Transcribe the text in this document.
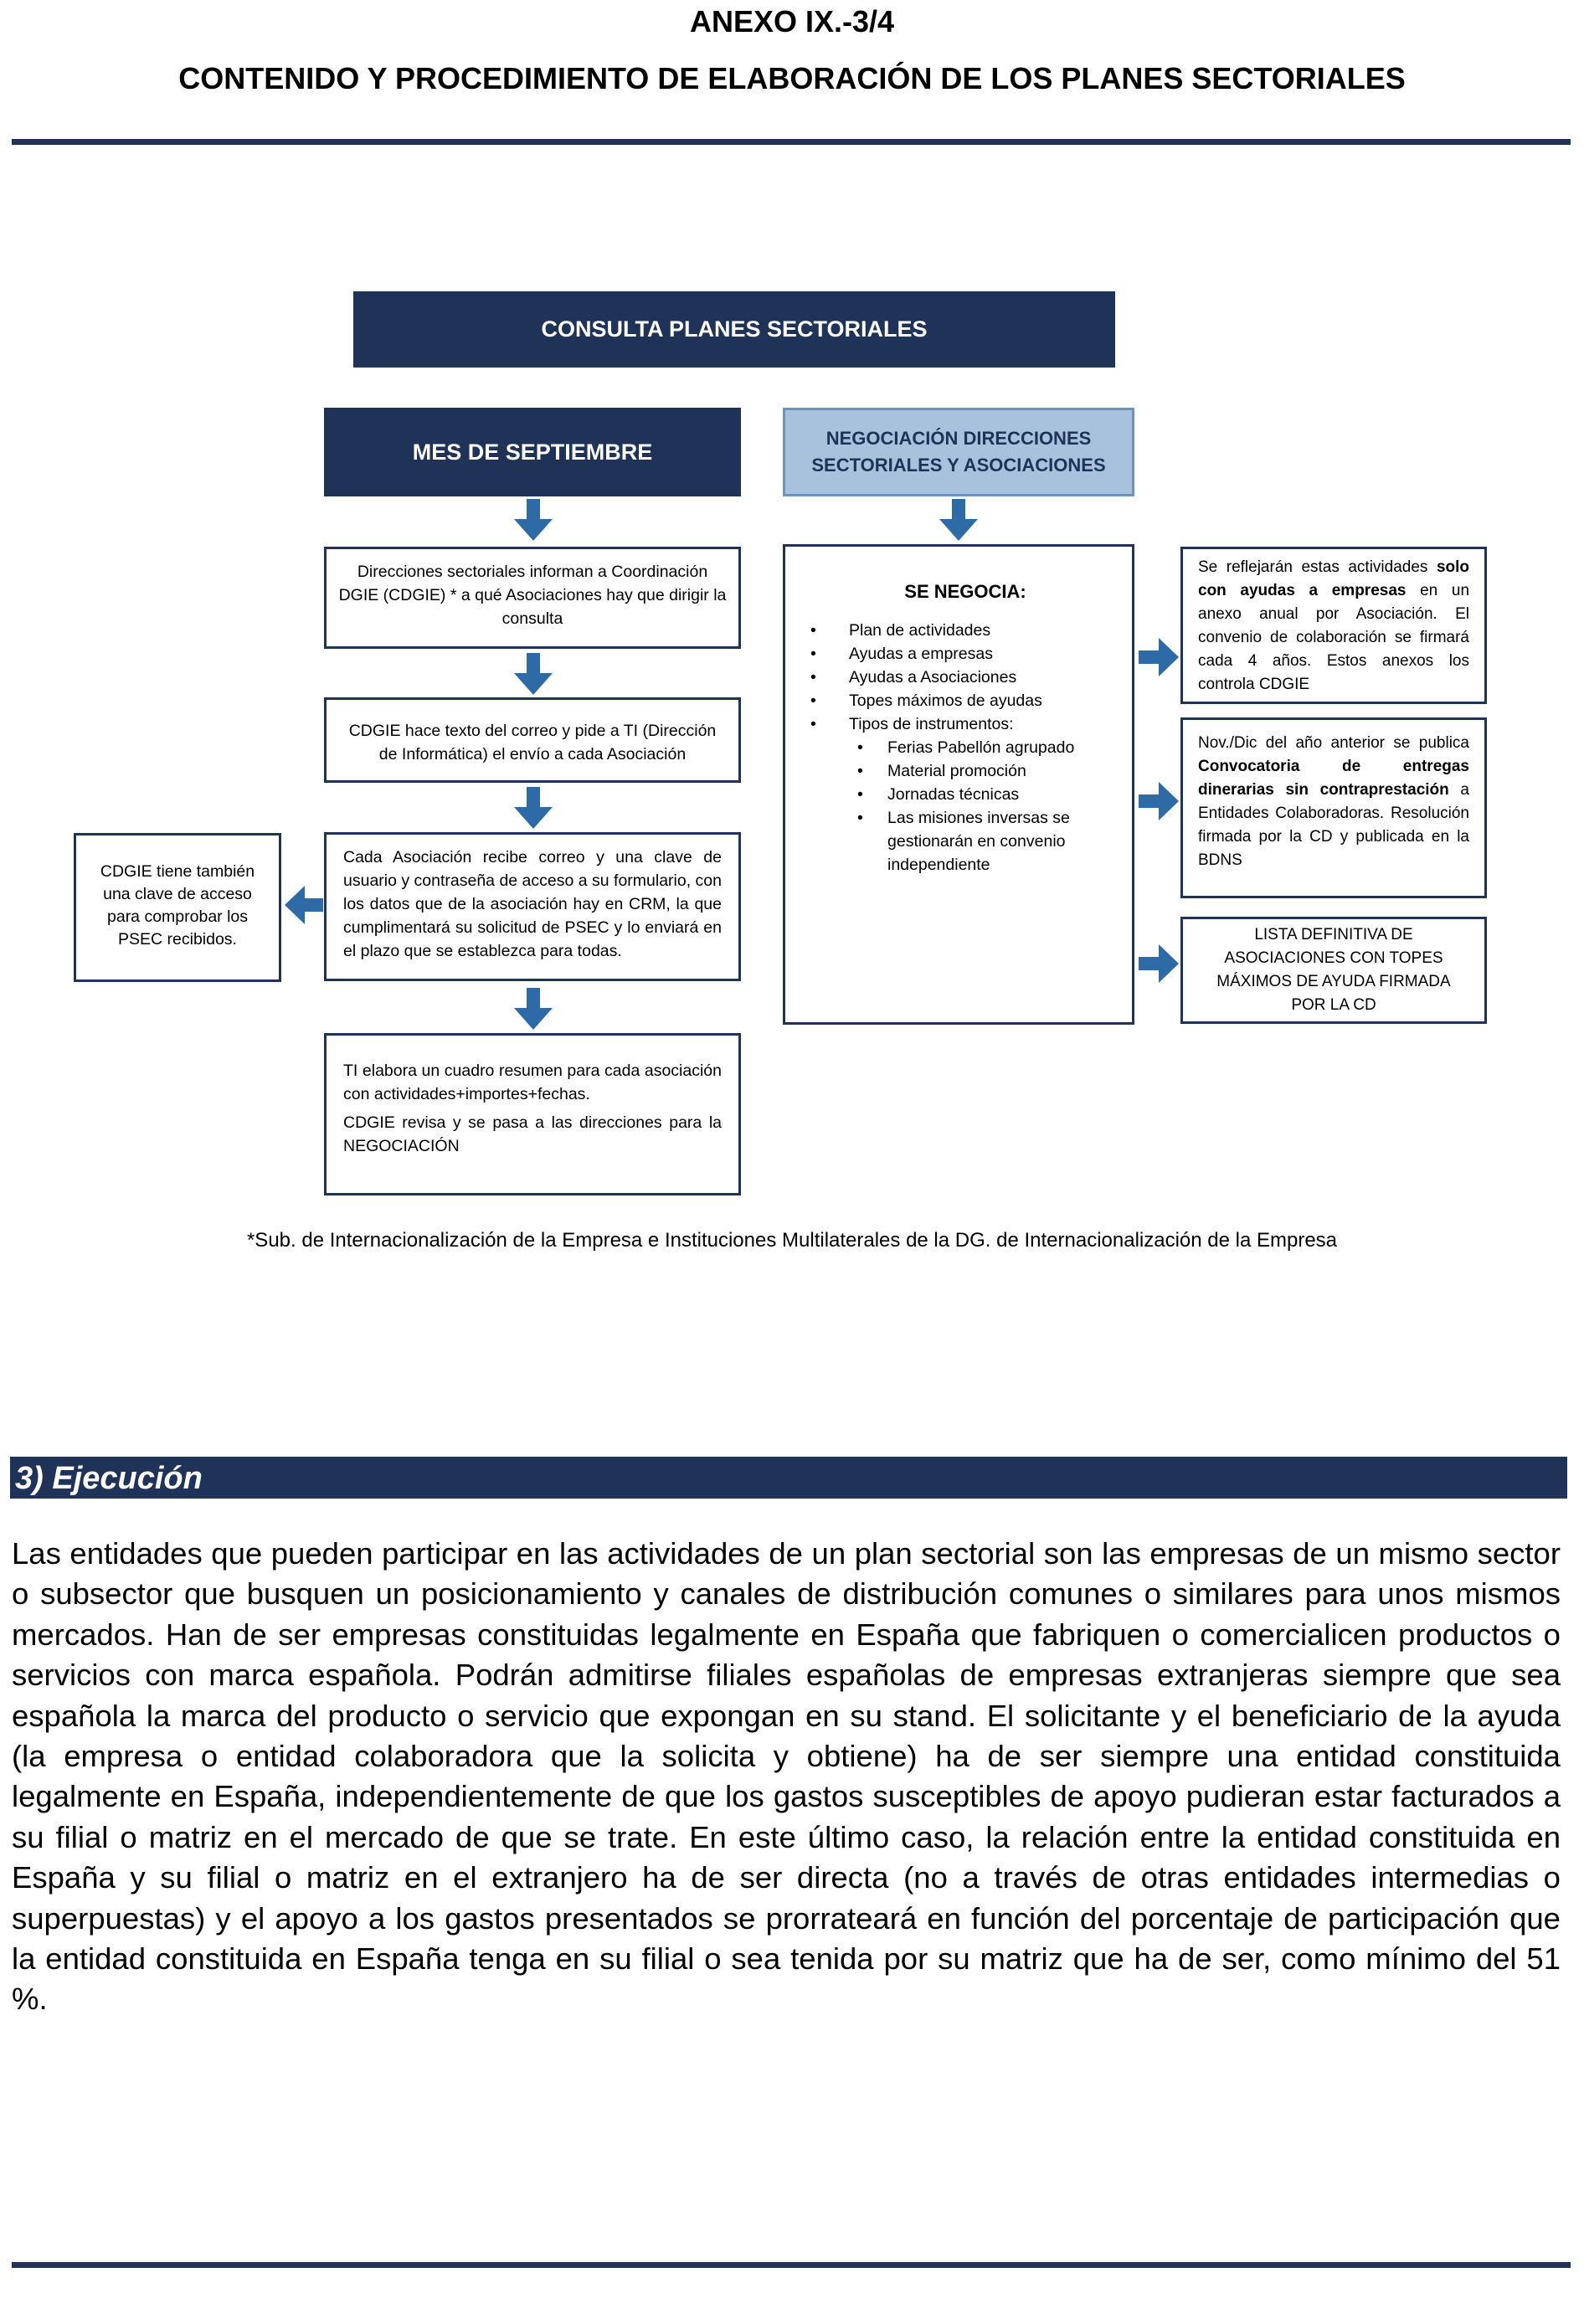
ANEXO IX.-3/4
CONTENIDO Y PROCEDIMIENTO DE ELABORACIÓN DE LOS PLANES SECTORIALES
CONSULTA PLANES SECTORIALES
MES DE SEPTIEMBRE
NEGOCIACIÓN DIRECCIONES SECTORIALES Y ASOCIACIONES
Direcciones sectoriales informan a Coordinación DGIE (CDGIE) * a qué Asociaciones hay que dirigir la consulta
CDGIE hace texto del correo y pide a TI (Dirección de Informática) el envío a cada Asociación
Cada Asociación recibe correo y una clave de usuario y contraseña de acceso a su formulario, con los datos que de la asociación hay en CRM, la que cumplimentará su solicitud de PSEC y lo enviará en el plazo que se establezca para todas.
TI elabora un cuadro resumen para cada asociación con actividades+importes+fechas.
CDGIE revisa y se pasa a las direcciones para la NEGOCIACIÓN
CDGIE tiene también una clave de acceso para comprobar los PSEC recibidos.
SE NEGOCIA:
• Plan de actividades
• Ayudas a empresas
• Ayudas a Asociaciones
• Topes máximos de ayudas
• Tipos de instrumentos:
• Ferias Pabellón agrupado
• Material promoción
• Jornadas técnicas
• Las misiones inversas se gestionarán en convenio independiente
Se reflejarán estas actividades solo con ayudas a empresas en un anexo anual por Asociación. El convenio de colaboración se firmará cada 4 años. Estos anexos los controla CDGIE
Nov./Dic del año anterior se publica Convocatoria de entregas dinerarias sin contraprestación a Entidades Colaboradoras. Resolución firmada por la CD y publicada en la BDNS
LISTA DEFINITIVA DE ASOCIACIONES CON TOPES MÁXIMOS DE AYUDA FIRMADA POR LA CD
*Sub. de Internacionalización de la Empresa e Instituciones Multilaterales de la DG. de Internacionalización de la Empresa
3) Ejecución
Las entidades que pueden participar en las actividades de un plan sectorial son las empresas de un mismo sector o subsector que busquen un posicionamiento y canales de distribución comunes o similares para unos mismos mercados. Han de ser empresas constituidas legalmente en España que fabriquen o comercialicen productos o servicios con marca española. Podrán admitirse filiales españolas de empresas extranjeras siempre que sea española la marca del producto o servicio que expongan en su stand. El solicitante y el beneficiario de la ayuda (la empresa o entidad colaboradora que la solicita y obtiene) ha de ser siempre una entidad constituida legalmente en España, independientemente de que los gastos susceptibles de apoyo pudieran estar facturados a su filial o matriz en el mercado de que se trate. En este último caso, la relación entre la entidad constituida en España y su filial o matriz en el extranjero ha de ser directa (no a través de otras entidades intermedias o superpuestas) y el apoyo a los gastos presentados se prorrateará en función del porcentaje de participación que la entidad constituida en España tenga en su filial o sea tenida por su matriz que ha de ser, como mínimo del 51 %.
